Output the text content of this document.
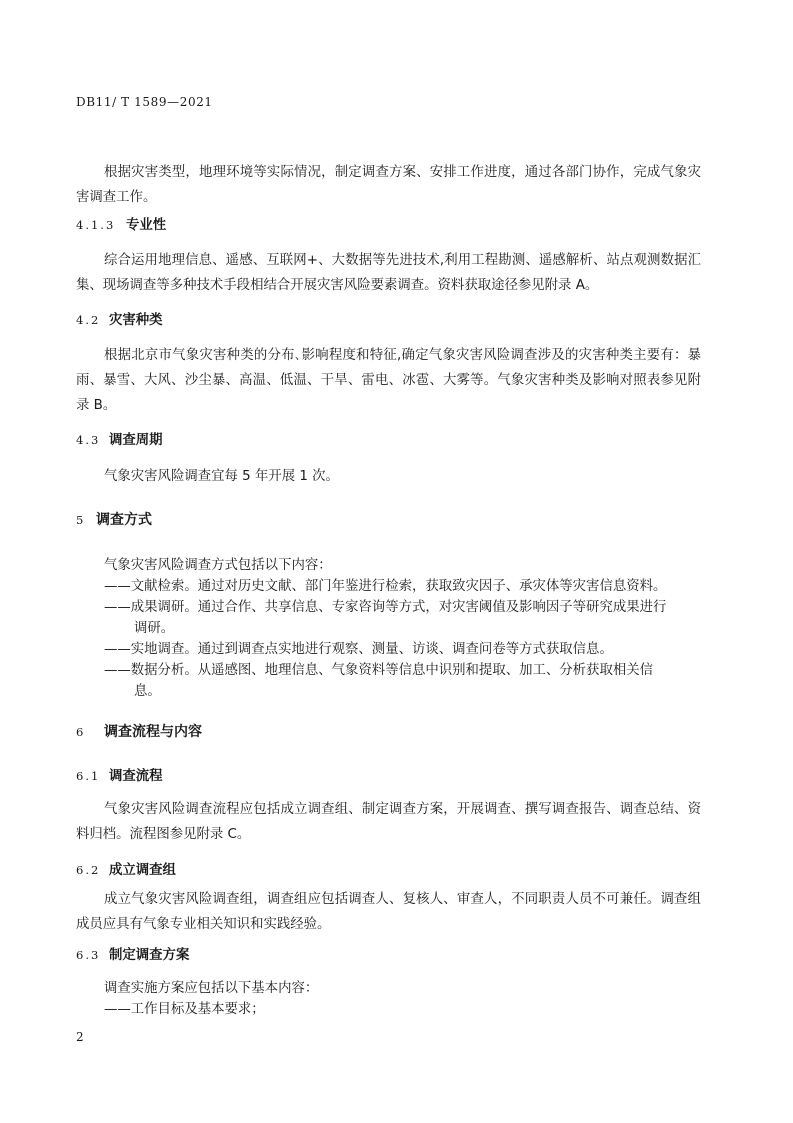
DB11/ T 1589—2021

根据灾害类型，地理环境等实际情况，制定调查方案、安排工作进度，通过各部门协作，完成气象灾害调查工作。

4.1.3 专业性

综合运用地理信息、遥感、互联网+、大数据等先进技术,利用工程勘测、遥感解析、站点观测数据汇集、现场调查等多种技术手段相结合开展灾害风险要素调查。资料获取途径参见附录 A。

4.2 灾害种类

根据北京市气象灾害种类的分布､影响程度和特征,确定气象灾害风险调查涉及的灾害种类主要有：暴雨、暴雪、大风、沙尘暴、高温、低温、干旱、雷电、冰雹、大雾等。气象灾害种类及影响对照表参见附录 B。

4.3 调查周期

气象灾害风险调查宜每 5 年开展 1 次。

5 调查方式
气象灾害风险调查方式包括以下内容：
——文献检索。通过对历史文献、部门年鉴进行检索，获取致灾因子、承灾体等灾害信息资料。
——成果调研。通过合作、共享信息、专家咨询等方式，对灾害阈值及影响因子等研究成果进行
调研。
——实地调查。通过到调查点实地进行观察、测量、访谈、调查问卷等方式获取信息。
——数据分析。从遥感图、地理信息、气象资料等信息中识别和提取、加工、分析获取相关信
息。
6	调查流程与内容
6.1 调查流程

气象灾害风险调查流程应包括成立调查组、制定调查方案，开展调查、撰写调查报告、调查总结、资料归档。流程图参见附录 C。

6.2 成立调查组

成立气象灾害风险调查组，调查组应包括调查人、复核人、审查人，不同职责人员不可兼任。调查组成员应具有气象专业相关知识和实践经验。

6.3 制定调查方案
调查实施方案应包括以下基本内容：
——工作目标及基本要求；
2
